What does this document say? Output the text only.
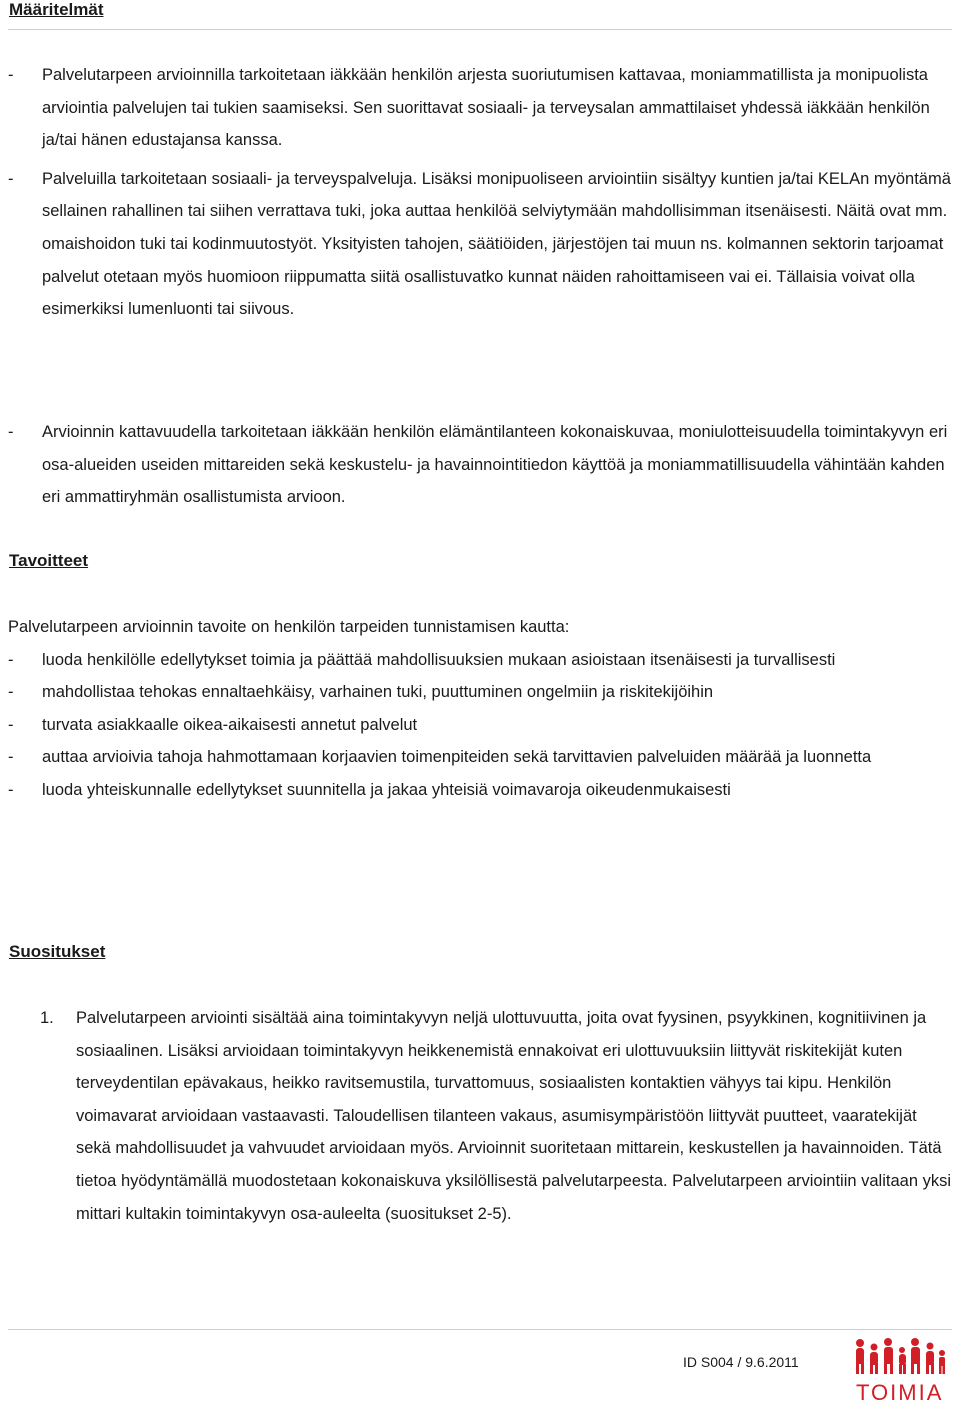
Määritelmät
- Palvelutarpeen arvioinnilla tarkoitetaan iäkkään henkilön arjesta suoriutumisen kattavaa, moniammatillista ja monipuolista arviointia palvelujen tai tukien saamiseksi. Sen suorittavat sosiaali- ja terveysalan ammattilaiset yhdessä iäkkään henkilön ja/tai hänen edustajansa kanssa.
- Palveluilla tarkoitetaan sosiaali- ja terveyspalveluja. Lisäksi monipuoliseen arviointiin sisältyy kuntien ja/tai KELAn myöntämä sellainen rahallinen tai siihen verrattava tuki, joka auttaa henkilöä selviytymään mahdollisimman itsenäisesti. Näitä ovat mm. omaishoidon tuki tai kodinmuutostyöt. Yksityisten tahojen, säätiöiden, järjestöjen tai muun ns. kolmannen sektorin tarjoamat palvelut otetaan myös huomioon riippumatta siitä osallistuvatko kunnat näiden rahoittamiseen vai ei. Tällaisia voivat olla esimerkiksi lumenluonti tai siivous.
- Arvioinnin kattavuudella tarkoitetaan iäkkään henkilön elämäntilanteen kokonaiskuvaa, moniulotteisuudella toimintakyvyn eri osa-alueiden useiden mittareiden sekä keskustelu- ja havainnointitiedon käyttöä ja moniammatillisuudella vähintään kahden eri ammattiryhmän osallistumista arvioon.
Tavoitteet
Palvelutarpeen arvioinnin tavoite on henkilön tarpeiden tunnistamisen kautta:
- luoda henkilölle edellytykset toimia ja päättää mahdollisuuksien mukaan asioistaan itsenäisesti ja turvallisesti
- mahdollistaa tehokas ennaltaehkäisy, varhainen tuki, puuttuminen ongelmiin ja riskitekijöihin
- turvata asiakkaalle oikea-aikaisesti annetut palvelut
- auttaa arvioivia tahoja hahmottamaan korjaavien toimenpiteiden sekä tarvittavien palveluiden määrää ja luonnetta
- luoda yhteiskunnalle edellytykset suunnitella ja jakaa yhteisiä voimavaroja oikeudenmukaisesti
Suositukset
1. Palvelutarpeen arviointi sisältää aina toimintakyvyn neljä ulottuvuutta, joita ovat fyysinen, psyykkinen, kognitiivinen ja sosiaalinen. Lisäksi arvioidaan toimintakyvyn heikkenemistä ennakoivat eri ulottuvuuksiin liittyvät riskitekijät kuten terveydentilan epävakaus, heikko ravitsemustila, turvattomuus, sosiaalisten kontaktien vähyys tai kipu. Henkilön voimavarat arvioidaan vastaavasti. Taloudellisen tilanteen vakaus, asumisympäristöön liittyvät puutteet, vaaratekijät sekä mahdollisuudet ja vahvuudet arvioidaan myös. Arvioinnit suoritetaan mittarein, keskustellen ja havainnoiden. Tätä tietoa hyödyntämällä muodostetaan kokonaiskuva yksilöllisestä palvelutarpeesta. Palvelutarpeen arviointiin valitaan yksi mittari kultakin toimintakyvyn osa-auleelta (suositukset 2-5).
ID S004 / 9.6.2011
TOIMIA
